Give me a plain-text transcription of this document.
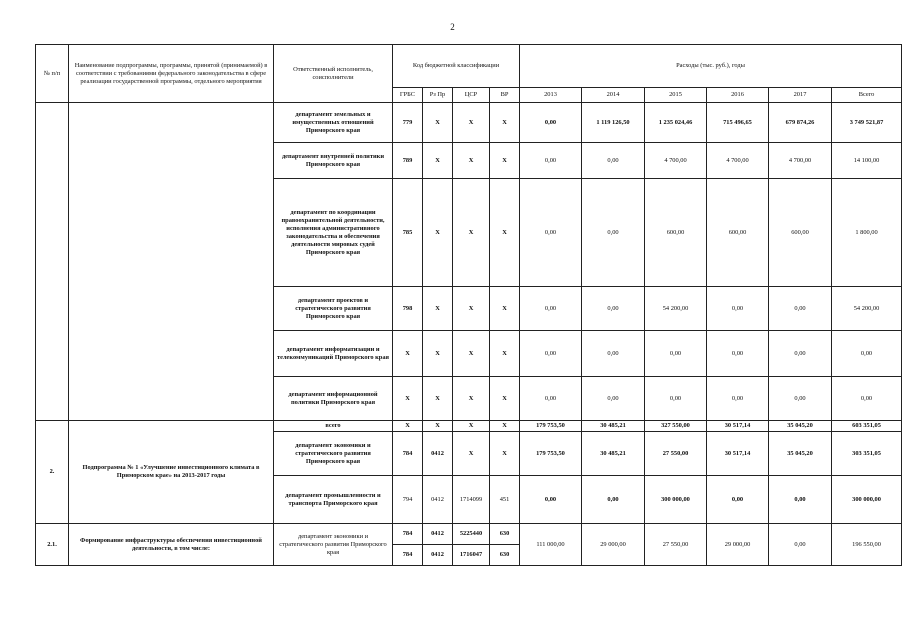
2
№ п/п	Наименование подпрограммы, программы, принятой (принимаемой) в соответствии с требованиями федерального законодательства в сфере реализации государственной программы, отдельного мероприятия	Ответственный исполнитель, соисполнители	Код бюджетной классификации				Расходы (тыс. руб.), годы					
			ГРБС	Рз Пр	ЦСР	ВР	2013	2014	2015	2016	2017	Всего
		департамент земельных и имущественных отношений Приморского края	779	X	X	X	0,00	1 119 126,50	1 235 024,46	715 496,65	679 874,26	3 749 521,87
		департамент внутренней политики Приморского края	789	X	X	X	0,00	0,00	4 700,00	4 700,00	4 700,00	14 100,00
		департамент по координации правоохранительной деятельности, исполнения административного законодательства и обеспечения деятельности мировых судей Приморского края	785	X	X	X	0,00	0,00	600,00	600,00	600,00	1 800,00
		департамент проектов и стратегического развития Приморского края	798	X	X	X	0,00	0,00	54 200,00	0,00	0,00	54 200,00
		департамент информатизации и телекоммуникаций Приморского края	X	X	X	X	0,00	0,00	0,00	0,00	0,00	0,00
		департамент информационной политики Приморского края	X	X	X	X	0,00	0,00	0,00	0,00	0,00	0,00
2.	Подпрограмма № 1 «Улучшение инвестиционного климата в Приморском крае» на 2013-2017 годы	всего	X	X	X	X	179 753,50	30 485,21	327 550,00	30 517,14	35 045,20	603 351,05
		департамент экономики и стратегического развития Приморского края	784	0412	X	X	179 753,50	30 485,21	27 550,00	30 517,14	35 045,20	303 351,05
		департамент промышленности и транспорта Приморского края	794	0412	1714099	451	0,00	0,00	300 000,00	0,00	0,00	300 000,00
2.1.	Формирование инфраструктуры обеспечения инвестиционной деятельности, в том числе:	департамент экономики и стратегического развития Приморского края	784	0412	5225440	630	111 000,00	29 000,00	27 550,00	29 000,00	0,00	196 550,00
			784	0412	1716047	630						
